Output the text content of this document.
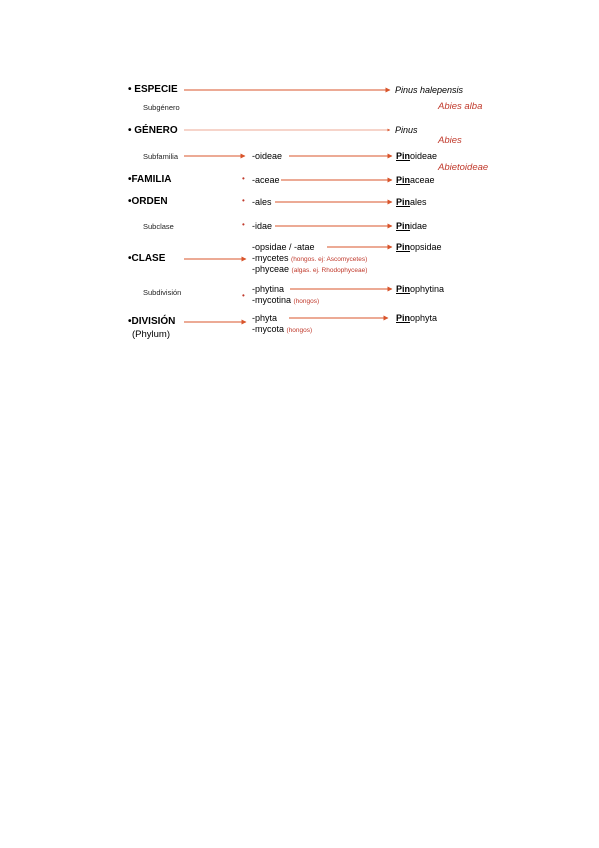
• ESPECIE
Subgénero
• GÉNERO
Subfamilia
•FAMILIA
•ORDEN
Subclase
•CLASE
Subdivisión
•DIVISIÓN
(Phylum)
-oideae
• -aceae
• -ales
• -idae
-opsidae / -atae
-mycetes (hongos. ej: Ascomycetes)
-phyceae (algas. ej. Rhodophyceae)
•
-phytina
-mycotina (hongos)
-phyta
-mycota (hongos)
Pinus halepensis
Abies alba
Pinus
Abies
Abietoideae
Pinoideae
Pinaceae
Pinales
Pinidae
Pinopsidae
Pinophytina
Pinophyta
